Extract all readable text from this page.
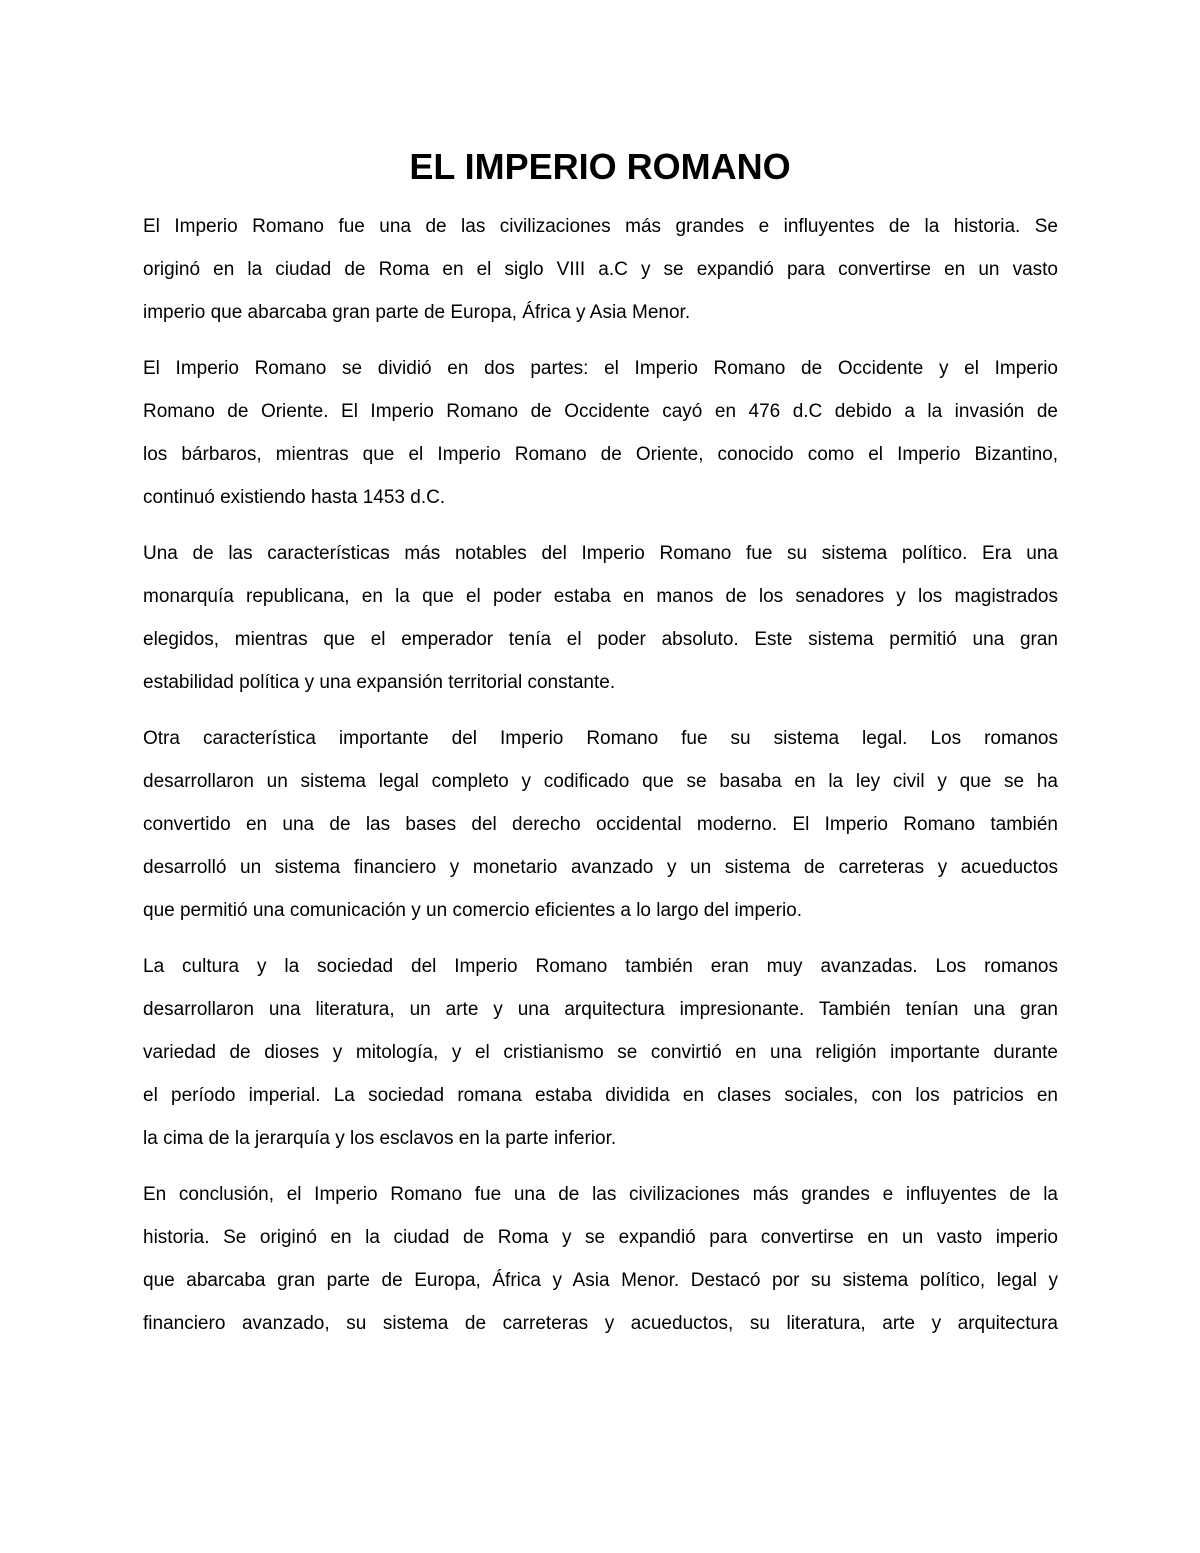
EL IMPERIO ROMANO

El Imperio Romano fue una de las civilizaciones más grandes e influyentes de la historia. Se
originó en la ciudad de Roma en el siglo VIII a.C y se expandió para convertirse en un vasto
imperio que abarcaba gran parte de Europa, África y Asia Menor.

El Imperio Romano se dividió en dos partes: el Imperio Romano de Occidente y el Imperio
Romano de Oriente. El Imperio Romano de Occidente cayó en 476 d.C debido a la invasión de
los bárbaros, mientras que el Imperio Romano de Oriente, conocido como el Imperio Bizantino,
continuó existiendo hasta 1453 d.C.

Una de las características más notables del Imperio Romano fue su sistema político. Era una
monarquía republicana, en la que el poder estaba en manos de los senadores y los magistrados
elegidos, mientras que el emperador tenía el poder absoluto. Este sistema permitió una gran
estabilidad política y una expansión territorial constante.

Otra característica importante del Imperio Romano fue su sistema legal. Los romanos
desarrollaron un sistema legal completo y codificado que se basaba en la ley civil y que se ha
convertido en una de las bases del derecho occidental moderno. El Imperio Romano también
desarrolló un sistema financiero y monetario avanzado y un sistema de carreteras y acueductos
que permitió una comunicación y un comercio eficientes a lo largo del imperio.

La cultura y la sociedad del Imperio Romano también eran muy avanzadas. Los romanos
desarrollaron una literatura, un arte y una arquitectura impresionante. También tenían una gran
variedad de dioses y mitología, y el cristianismo se convirtió en una religión importante durante
el período imperial. La sociedad romana estaba dividida en clases sociales, con los patricios en
la cima de la jerarquía y los esclavos en la parte inferior.

En conclusión, el Imperio Romano fue una de las civilizaciones más grandes e influyentes de la
historia. Se originó en la ciudad de Roma y se expandió para convertirse en un vasto imperio
que abarcaba gran parte de Europa, África y Asia Menor. Destacó por su sistema político, legal y
financiero avanzado, su sistema de carreteras y acueductos, su literatura, arte y arquitectura
